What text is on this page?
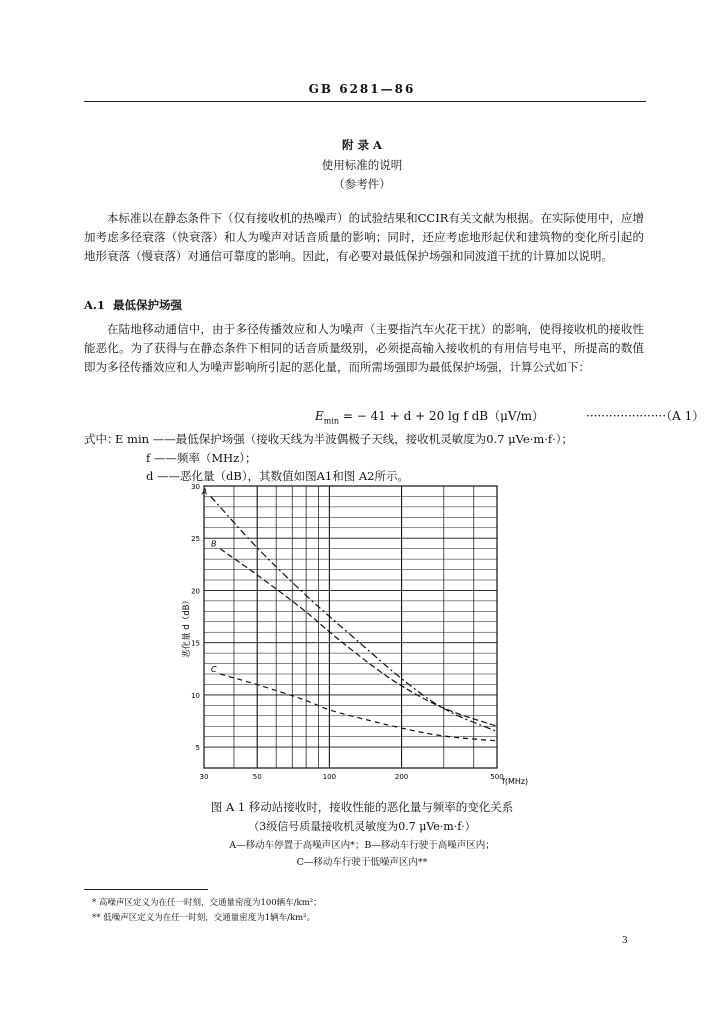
GB 6281—86
附 录 A
使用标准的说明
（参考件）
本标准以在静态条件下（仅有接收机的热噪声）的试验结果和CCIR有关文献为根据。在实际使用中，应增加考虑多径衰落（快衰落）和人为噪声对话音质量的影响；同时，还应考虑地形起伏和建筑物的变化所引起的地形衰落（慢衰落）对通信可靠度的影响。因此，有必要对最低保护场强和同波道干扰的计算加以说明。
A.1 最低保护场强
在陆地移动通信中，由于多径传播效应和人为噪声（主要指汽车火花干扰）的影响，使得接收机的接收性能恶化。为了获得与在静态条件下相同的话音质量级别，必须提高输入接收机的有用信号电平，所提高的数值即为多径传播效应和人为噪声影响所引起的恶化量，而所需场强即为最低保护场强，计算公式如下：
$E_{min}$ = − 41 + d + 20 lg f dB（μV/m）	·····················（A 1）
式中：
E min ——最低保护场强（接收天线为半波偶极子天线，接收机灵敏度为0.7 μVe·m·f·）；
f ——频率（MHz）；
d ——恶化量（dB），其数值如图A1和图 A2所示。
30
25
20
15
10
5
30	50	100	200	500
A
B
C
恶化量 d（dB）
f(MHz)
图 A 1 移动站接收时，接收性能的恶化量与频率的变化关系
（3级信号质量接收机灵敏度为0.7 μVe·m·f·）
A—移动车停置于高噪声区内*；B—移动车行驶于高噪声区内；
C—移动车行驶于低噪声区内**
* 高噪声区定义为在任一时刻，交通量密度为100辆车/km²；
** 低噪声区定义为在任一时刻，交通量密度为1辆车/km²。
3
